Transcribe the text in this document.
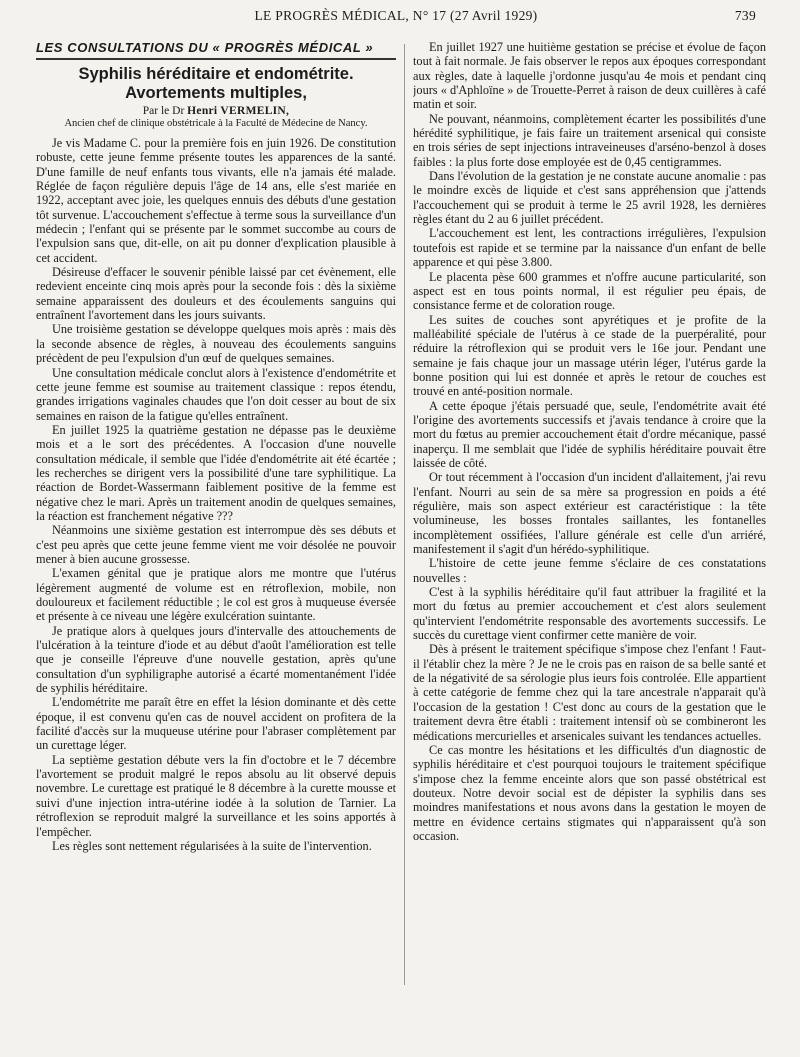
LE PROGRÈS MÉDICAL, N° 17 (27 Avril 1929)	739
LES CONSULTATIONS DU « PROGRÈS MÉDICAL »
Syphilis héréditaire et endométrite.
Avortements multiples,
Par le Dr Henri VERMELIN,
Ancien chef de clinique obstétricale à la Faculté de Médecine de Nancy.

Je vis Madame C. pour la première fois en juin 1926. De constitution robuste, cette jeune femme présente toutes les apparences de la santé. D'une famille de neuf enfants tous vivants, elle n'a jamais été malade. Réglée de façon régulière depuis l'âge de 14 ans, elle s'est mariée en 1922, acceptant avec joie, les quelques ennuis des débuts d'une gestation tôt survenue. L'accouchement s'effectue à terme sous la surveillance d'un médecin ; l'enfant qui se présente par le sommet succombe au cours de l'expulsion sans que, dit-elle, on ait pu donner d'explication plausible à cet accident.

Désireuse d'effacer le souvenir pénible laissé par cet évènement, elle redevient enceinte cinq mois après pour la seconde fois : dès la sixième semaine apparaissent des douleurs et des écoulements sanguins qui entraînent l'avortement dans les jours suivants.

Une troisième gestation se développe quelques mois après : mais dès la seconde absence de règles, à nouveau des écoulements sanguins précèdent de peu l'expulsion d'un œuf de quelques semaines.

Une consultation médicale conclut alors à l'existence d'endométrite et cette jeune femme est soumise au traitement classique : repos étendu, grandes irrigations vaginales chaudes que l'on doit cesser au bout de six semaines en raison de la fatigue qu'elles entraînent.

En juillet 1925 la quatrième gestation ne dépasse pas le deuxième mois et a le sort des précédentes. A l'occasion d'une nouvelle consultation médicale, il semble que l'idée d'endométrite ait été écartée ; les recherches se dirigent vers la possibilité d'une tare syphilitique. La réaction de Bordet-Wassermann faiblement positive de la femme est négative chez le mari. Après un traitement anodin de quelques semaines, la réaction est franchement négative ???

Néanmoins une sixième gestation est interrompue dès ses débuts et c'est peu après que cette jeune femme vient me voir désolée ne pouvoir mener à bien aucune grossesse.

L'examen génital que je pratique alors me montre que l'utérus légèrement augmenté de volume est en rétroflexion, mobile, non douloureux et facilement réductible ; le col est gros à muqueuse éversée et présente à ce niveau une légère exulcération suintante.

Je pratique alors à quelques jours d'intervalle des attouchements de l'ulcération à la teinture d'iode et au début d'août l'amélioration est telle que je conseille l'épreuve d'une nouvelle gestation, après qu'une consultation d'un syphiligraphe autorisé a écarté momentanément l'idée de syphilis héréditaire.

L'endométrite me paraît être en effet la lésion dominante et dès cette époque, il est convenu qu'en cas de nouvel accident on profitera de la facilité d'accès sur la muqueuse utérine pour l'abraser complètement par un curettage léger.

La septième gestation débute vers la fin d'octobre et le 7 décembre l'avortement se produit malgré le repos absolu au lit observé depuis novembre. Le curettage est pratiqué le 8 décembre à la curette mousse et suivi d'une injection intra-utérine iodée à la solution de Tarnier. La rétroflexion se reproduit malgré la surveillance et les soins apportés à l'empêcher.

Les règles sont nettement régularisées à la suite de l'intervention.

En juillet 1927 une huitième gestation se précise et évolue de façon tout à fait normale. Je fais observer le repos aux époques correspondant aux règles, date à laquelle j'ordonne jusqu'au 4e mois et pendant cinq jours « d'Aphloïne » de Trouette-Perret à raison de deux cuillères à café matin et soir.

Ne pouvant, néanmoins, complètement écarter les possibilités d'une hérédité syphilitique, je fais faire un traitement arsenical qui consiste en trois séries de sept injections intraveineuses d'arséno-benzol à doses faibles : la plus forte dose employée est de 0,45 centigrammes.

Dans l'évolution de la gestation je ne constate aucune anomalie : pas le moindre excès de liquide et c'est sans appréhension que j'attends l'accouchement qui se produit à terme le 25 avril 1928, les dernières règles étant du 2 au 6 juillet précédent.

L'accouchement est lent, les contractions irrégulières, l'expulsion toutefois est rapide et se termine par la naissance d'un enfant de belle apparence et qui pèse 3.800.

Le placenta pèse 600 grammes et n'offre aucune particularité, son aspect est en tous points normal, il est régulier peu épais, de consistance ferme et de coloration rouge.

Les suites de couches sont apyrétiques et je profite de la malléabilité spéciale de l'utérus à ce stade de la puerpéralité, pour réduire la rétroflexion qui se produit vers le 16e jour. Pendant une semaine je fais chaque jour un massage utérin léger, l'utérus garde la bonne position qui lui est donnée et après le retour de couches est trouvé en anté-position normale.

A cette époque j'étais persuadé que, seule, l'endométrite avait été l'origine des avortements successifs et j'avais tendance à croire que la mort du fœtus au premier accouchement était d'ordre mécanique, passé inaperçu. Il me semblait que l'idée de syphilis héréditaire pouvait être laissée de côté.

Or tout récemment à l'occasion d'un incident d'allaitement, j'ai revu l'enfant. Nourri au sein de sa mère sa progression en poids a été régulière, mais son aspect extérieur est caractéristique : la tête volumineuse, les bosses frontales saillantes, les fontanelles incomplètement ossifiées, l'allure générale est celle d'un arriéré, manifestement il s'agit d'un hérédo-syphilitique.

L'histoire de cette jeune femme s'éclaire de ces constatations nouvelles :

C'est à la syphilis héréditaire qu'il faut attribuer la fragilité et la mort du fœtus au premier accouchement et c'est alors seulement qu'intervient l'endométrite responsable des avortements successifs. Le succès du curettage vient confirmer cette manière de voir.

Dès à présent le traitement spécifique s'impose chez l'enfant ! Faut-il l'établir chez la mère ? Je ne le crois pas en raison de sa belle santé et de la négativité de sa sérologie plus ieurs fois controlée. Elle appartient à cette catégorie de femme chez qui la tare ancestrale n'apparait qu'à l'occasion de la gestation ! C'est donc au cours de la gestation que le traitement devra être établi : traitement intensif où se combineront les médications mercurielles et arsenicales suivant les tendances actuelles.

Ce cas montre les hésitations et les difficultés d'un diagnostic de syphilis héréditaire et c'est pourquoi toujours le traitement spécifique s'impose chez la femme enceinte alors que son passé obstétrical est douteux. Notre devoir social est de dépister la syphilis dans ses moindres manifestations et nous avons dans la gestation le moyen de mettre en évidence certains stigmates qui n'apparaissent qu'à son occasion.
